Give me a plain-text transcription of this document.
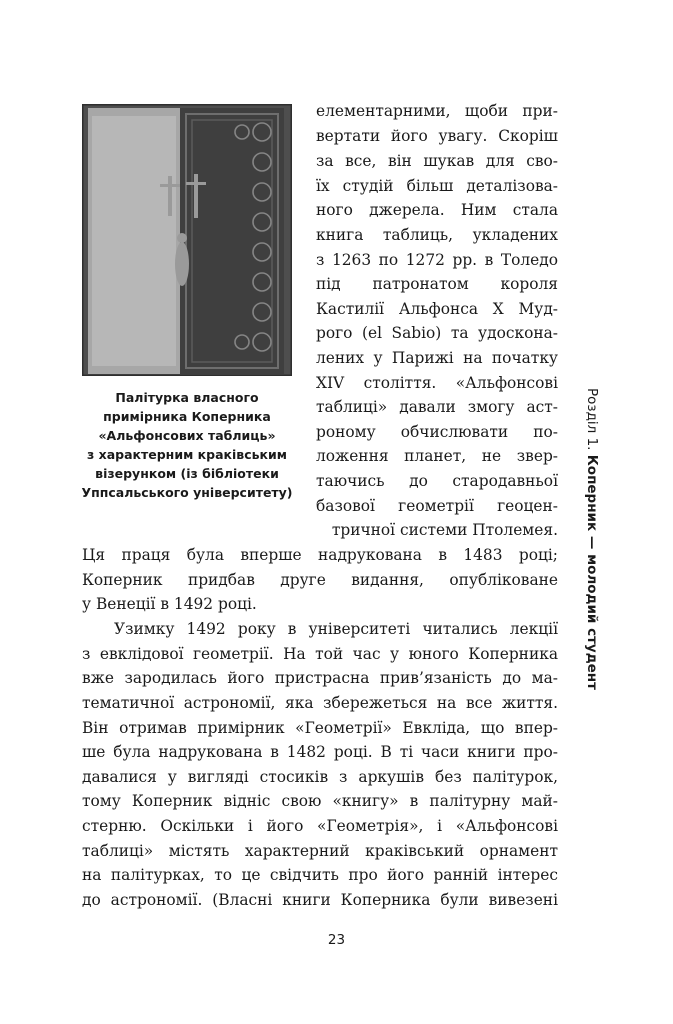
Палітурка власного
примірника Коперника
«Альфонсових таблиць»
з характерним краківським
візерунком (із бібліотеки
Уппсальського університету)
елементарними, щоби при-
вертати його увагу. Скоріш
за все, він шукав для сво-
їх студій більш деталізова-
ного джерела. Ним стала
книга таблиць, укладених
з 1263 по 1272 рр. в Толедо
під патронатом короля
Кастилії Альфонса X Муд-
рого (el Sabio) та удоскона-
лених у Парижі на початку
XIV століття. «Альфонсові
таблиці» давали змогу аст-
роному обчислювати по-
ложення планет, не звер-
таючись до стародавньої
базової геометрії геоцен-
тричної системи Птолемея.
Ця праця була вперше надрукована в 1483 році;
Коперник придбав друге видання, опубліковане
у Венеції в 1492 році.
Узимку 1492 року в університеті читались лекції
з евклідової геометрії. На той час у юного Коперника
вже зародилась його пристрасна прив’язаність до ма-
тематичної астрономії, яка збережеться на все життя.
Він отримав примірник «Геометрії» Евкліда, що впер-
ше була надрукована в 1482 році. В ті часи книги про-
давалися у вигляді стосиків з аркушів без палітурок,
тому Коперник відніс свою «книгу» в палітурну май-
стерню. Оскільки і його «Геометрія», і «Альфонсові
таблиці» містять характерний краківський орнамент
на палітурках, то це свідчить про його ранній інтерес
до астрономії. (Власні книги Коперника були вивезені
Розділ 1. Коперник — молодий студент
23
